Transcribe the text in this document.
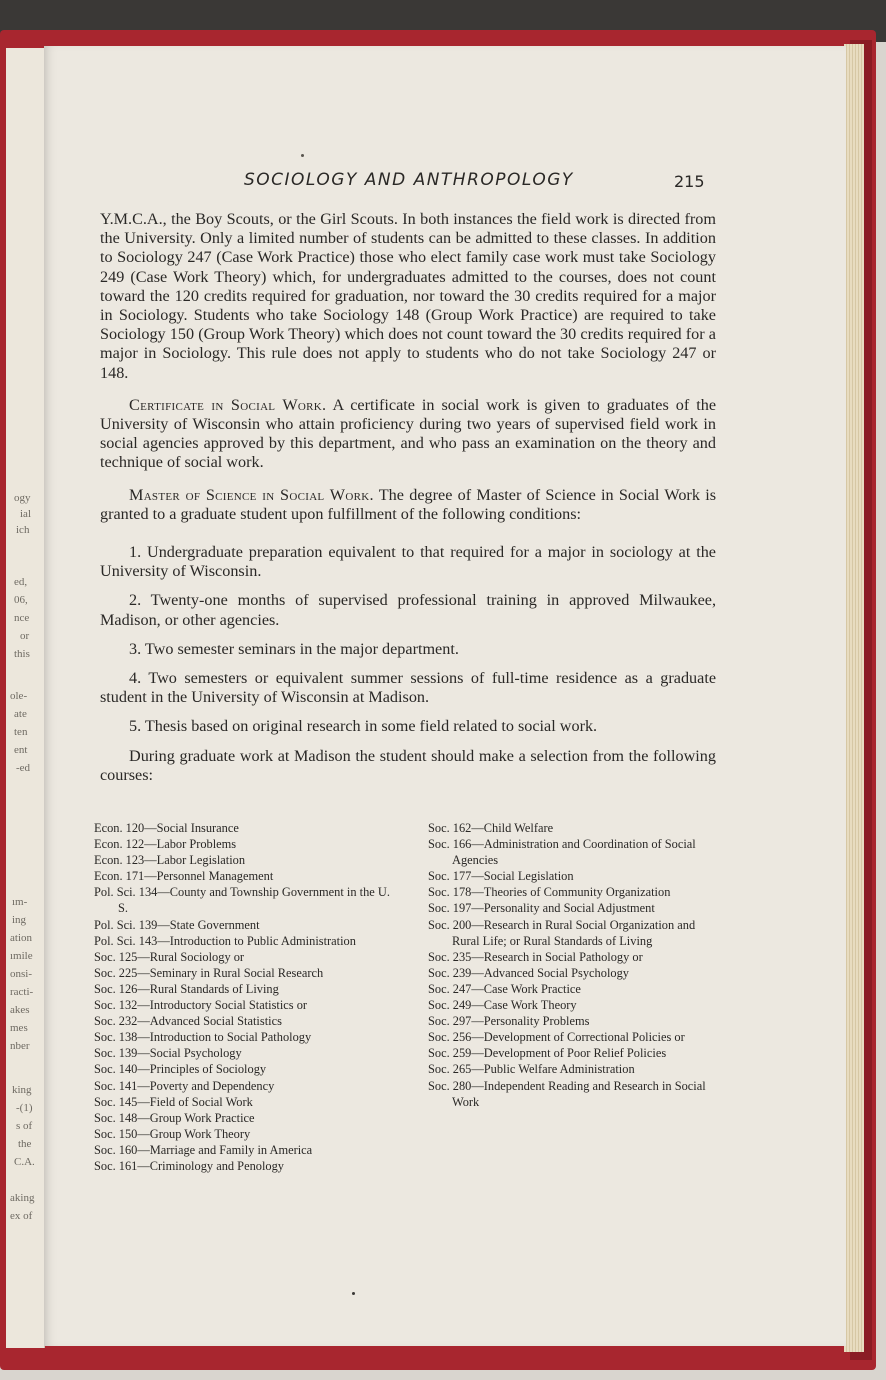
ogy
ial
ich
ed,
06,
nce
or
this
ole-
ate
ten
ent
-ed
ım-
ing
ation
ımile
onsi-
racti-
akes
mes
nber
king
-(1)
s of
the
C.A.
aking
ex of
SOCIOLOGY AND ANTHROPOLOGY	215

Y.M.C.A., the Boy Scouts, or the Girl Scouts. In both instances the field work is directed from the University. Only a limited number of students can be admitted to these classes. In addition to Sociology 247 (Case Work Practice) those who elect family case work must take Sociology 249 (Case Work Theory) which, for undergraduates admitted to the courses, does not count toward the 120 credits required for graduation, nor toward the 30 credits required for a major in Sociology. Students who take Sociology 148 (Group Work Practice) are required to take Sociology 150 (Group Work Theory) which does not count toward the 30 credits required for a major in Sociology. This rule does not apply to students who do not take Sociology 247 or 148.

Certificate in Social Work. A certificate in social work is given to graduates of the University of Wisconsin who attain proficiency during two years of supervised field work in social agencies approved by this department, and who pass an examination on the theory and technique of social work.

Master of Science in Social Work. The degree of Master of Science in Social Work is granted to a graduate student upon fulfillment of the following conditions:

1. Undergraduate preparation equivalent to that required for a major in sociology at the University of Wisconsin.

2. Twenty-one months of supervised professional training in approved Milwaukee, Madison, or other agencies.

3. Two semester seminars in the major department.

4. Two semesters or equivalent summer sessions of full-time residence as a graduate student in the University of Wisconsin at Madison.

5. Thesis based on original research in some field related to social work.

During graduate work at Madison the student should make a selection from the following courses:

Econ. 120—Social Insurance

Econ. 122—Labor Problems

Econ. 123—Labor Legislation

Econ. 171—Personnel Management

Pol. Sci. 134—County and Township Government in the U. S.

Pol. Sci. 139—State Government

Pol. Sci. 143—Introduction to Public Administration

Soc. 125—Rural Sociology or

Soc. 225—Seminary in Rural Social Research

Soc. 126—Rural Standards of Living

Soc. 132—Introductory Social Statistics or

Soc. 232—Advanced Social Statistics

Soc. 138—Introduction to Social Pathology

Soc. 139—Social Psychology

Soc. 140—Principles of Sociology

Soc. 141—Poverty and Dependency

Soc. 145—Field of Social Work

Soc. 148—Group Work Practice

Soc. 150—Group Work Theory

Soc. 160—Marriage and Family in America

Soc. 161—Criminology and Penology

Soc. 162—Child Welfare

Soc. 166—Administration and Coordination of Social Agencies

Soc. 177—Social Legislation

Soc. 178—Theories of Community Organization

Soc. 197—Personality and Social Adjustment

Soc. 200—Research in Rural Social Organization and Rural Life; or Rural Standards of Living

Soc. 235—Research in Social Pathology or

Soc. 239—Advanced Social Psychology

Soc. 247—Case Work Practice

Soc. 249—Case Work Theory

Soc. 297—Personality Problems

Soc. 256—Development of Correctional Policies or

Soc. 259—Development of Poor Relief Policies

Soc. 265—Public Welfare Administration

Soc. 280—Independent Reading and Research in Social Work
